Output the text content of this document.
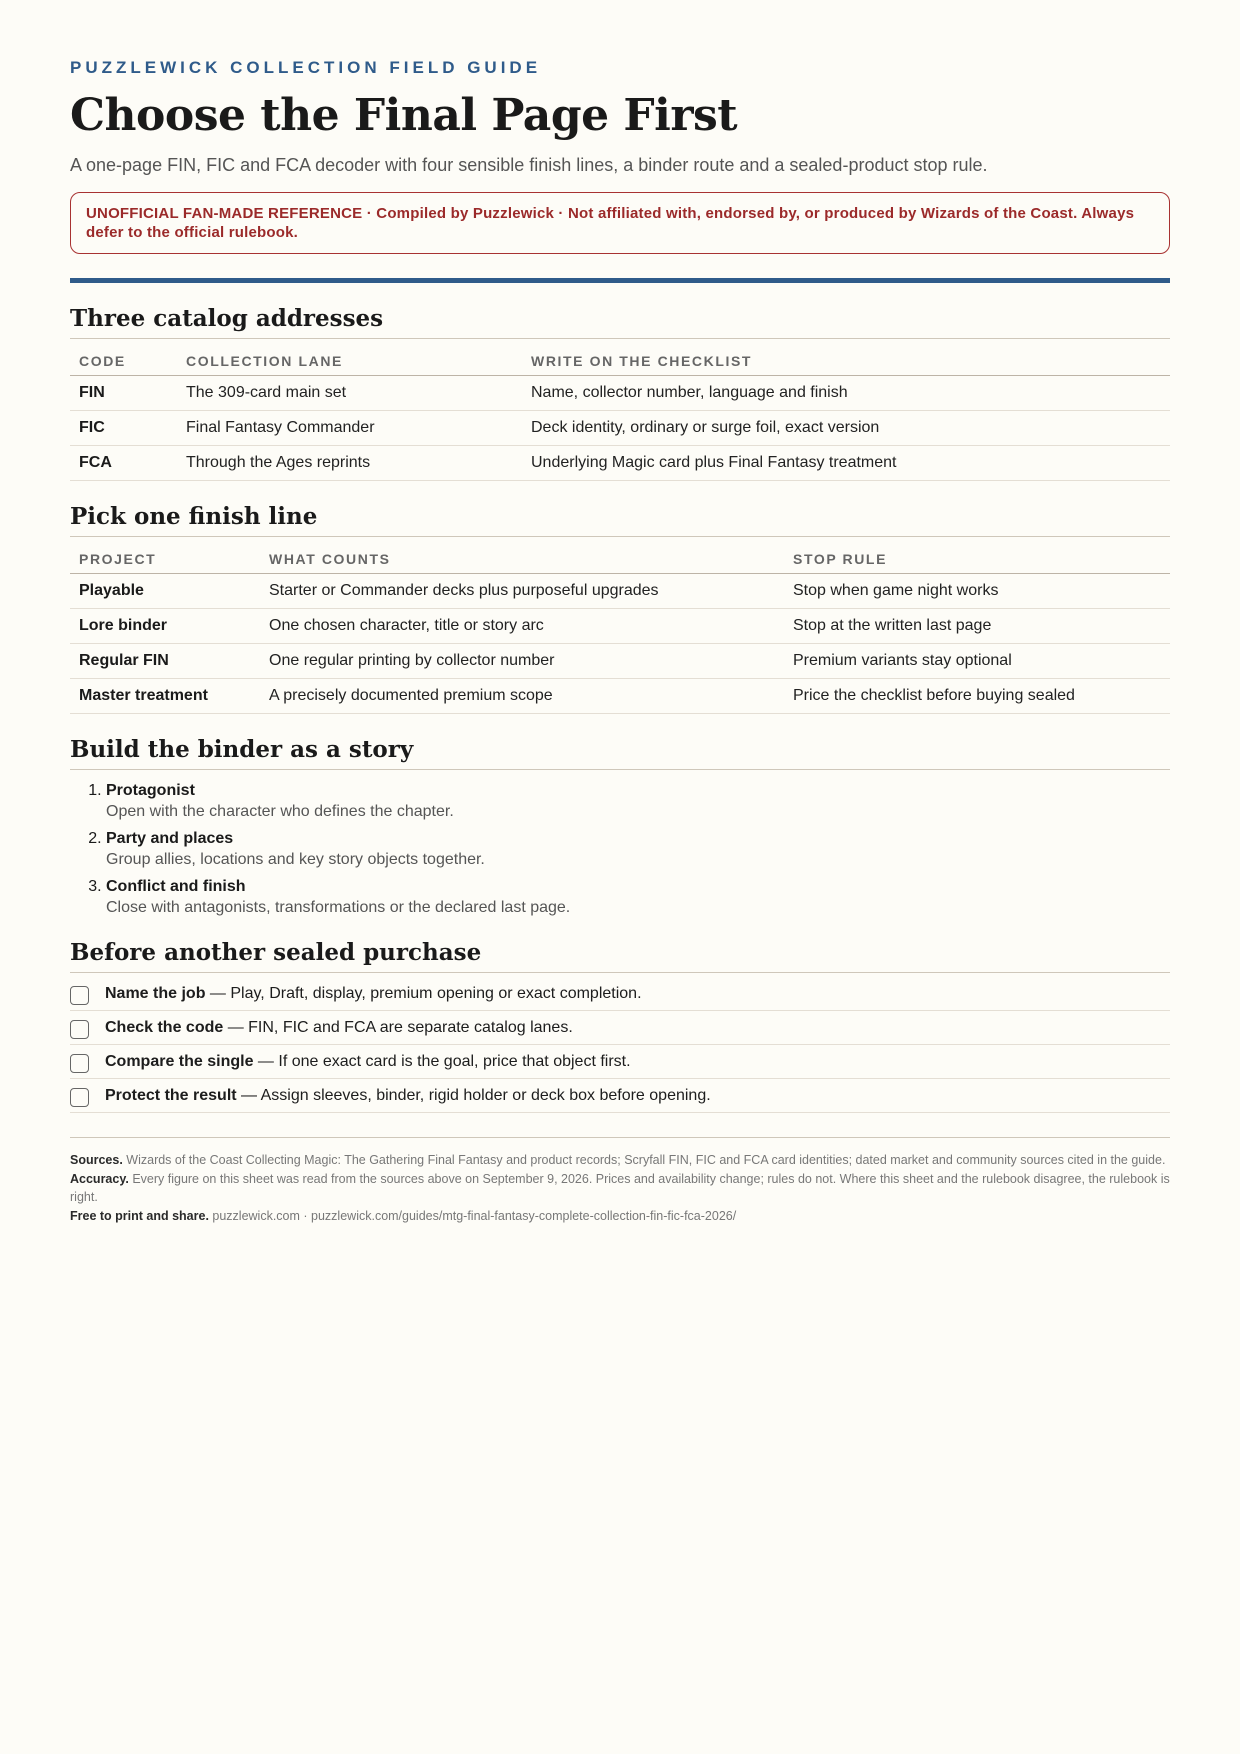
PUZZLEWICK COLLECTION FIELD GUIDE
Choose the Final Page First
A one-page FIN, FIC and FCA decoder with four sensible finish lines, a binder route and a sealed-product stop rule.
UNOFFICIAL FAN-MADE REFERENCE · Compiled by Puzzlewick · Not affiliated with, endorsed by, or produced by Wizards of the Coast. Always defer to the official rulebook.
Three catalog addresses
CODE	COLLECTION LANE	WRITE ON THE CHECKLIST
FIN	The 309-card main set	Name, collector number, language and finish
FIC	Final Fantasy Commander	Deck identity, ordinary or surge foil, exact version
FCA	Through the Ages reprints	Underlying Magic card plus Final Fantasy treatment
Pick one finish line
PROJECT	WHAT COUNTS	STOP RULE
Playable	Starter or Commander decks plus purposeful upgrades	Stop when game night works
Lore binder	One chosen character, title or story arc	Stop at the written last page
Regular FIN	One regular printing by collector number	Premium variants stay optional
Master treatment	A precisely documented premium scope	Price the checklist before buying sealed
Build the binder as a story
1. Protagonist
Open with the character who defines the chapter.
2. Party and places
Group allies, locations and key story objects together.
3. Conflict and finish
Close with antagonists, transformations or the declared last page.
Before another sealed purchase
Name the job — Play, Draft, display, premium opening or exact completion.
Check the code — FIN, FIC and FCA are separate catalog lanes.
Compare the single — If one exact card is the goal, price that object first.
Protect the result — Assign sleeves, binder, rigid holder or deck box before opening.
Sources. Wizards of the Coast Collecting Magic: The Gathering Final Fantasy and product records; Scryfall FIN, FIC and FCA card identities; dated market and community sources cited in the guide.
Accuracy. Every figure on this sheet was read from the sources above on September 9, 2026. Prices and availability change; rules do not. Where this sheet and the rulebook disagree, the rulebook is right.
Free to print and share. puzzlewick.com · puzzlewick.com/guides/mtg-final-fantasy-complete-collection-fin-fic-fca-2026/
